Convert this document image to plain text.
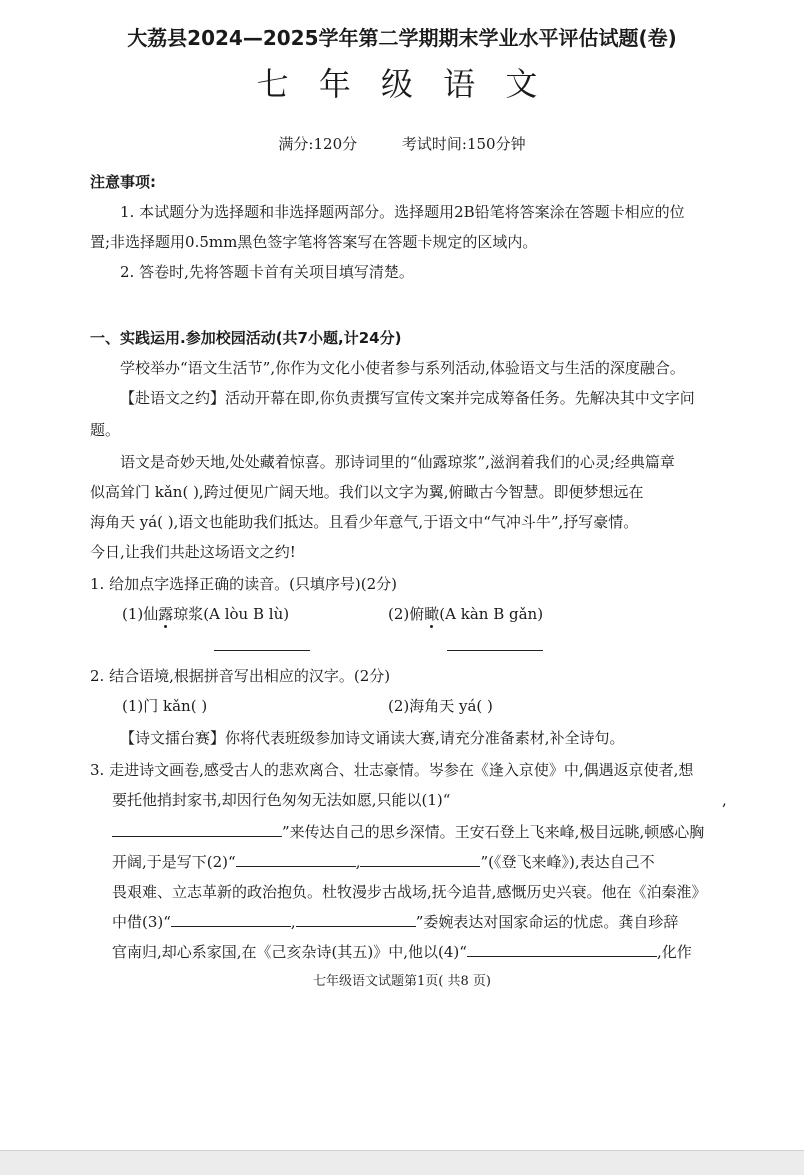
大荔县2024—2025学年第二学期期末学业水平评估试题(卷)
七 年 级 语 文
满分:120分	考试时间:150分钟
注意事项:
1. 本试题分为选择题和非选择题两部分。选择题用2B铅笔将答案涂在答题卡相应的位
置;非选择题用0.5mm黑色签字笔将答案写在答题卡规定的区域内。
2. 答卷时,先将答题卡首有关项目填写清楚。
一、实践运用.参加校园活动(共7小题,计24分)
学校举办“语文生活节”,你作为文化小使者参与系列活动,体验语文与生活的深度融合。
【赴语文之约】活动开幕在即,你负责撰写宣传文案并完成筹备任务。先解决其中文字问
题。
语文是奇妙天地,处处藏着惊喜。那诗词里的“仙露琼浆”,滋润着我们的心灵;经典篇章
似高耸门 kǎn( ),跨过便见广阔天地。我们以文字为翼,俯瞰古今智慧。即便梦想远在
海角天 yá( ),语文也能助我们抵达。且看少年意气,于语文中“气冲斗牛”,抒写豪情。
今日,让我们共赴这场语文之约!
1. 给加点字选择正确的读音。(只填序号)(2分)
(1)仙露琼浆(A lòu B lù)	(2)俯瞰(A kàn B gǎn)
2. 结合语境,根据拼音写出相应的汉字。(2分)
(1)门 kǎn( )	(2)海角天 yá( )
【诗文擂台赛】你将代表班级参加诗文诵读大赛,请充分准备素材,补全诗句。
3. 走进诗文画卷,感受古人的悲欢离合、壮志豪情。岑参在《逢入京使》中,偶遇返京使者,想
要托他捎封家书,却因行色匆匆无法如愿,只能以(1)“	,
”来传达自己的思乡深情。王安石登上飞来峰,极目远眺,顿感心胸
开阔,于是写下(2)“	,	”(《登飞来峰》),表达自己不
畏艰难、立志革新的政治抱负。杜牧漫步古战场,抚今追昔,感慨历史兴衰。他在《泊秦淮》
中借(3)“	,	”委婉表达对国家命运的忧虑。龚自珍辞
官南归,却心系家国,在《己亥杂诗(其五)》中,他以(4)“	,化作
七年级语文试题第1页( 共8 页)
